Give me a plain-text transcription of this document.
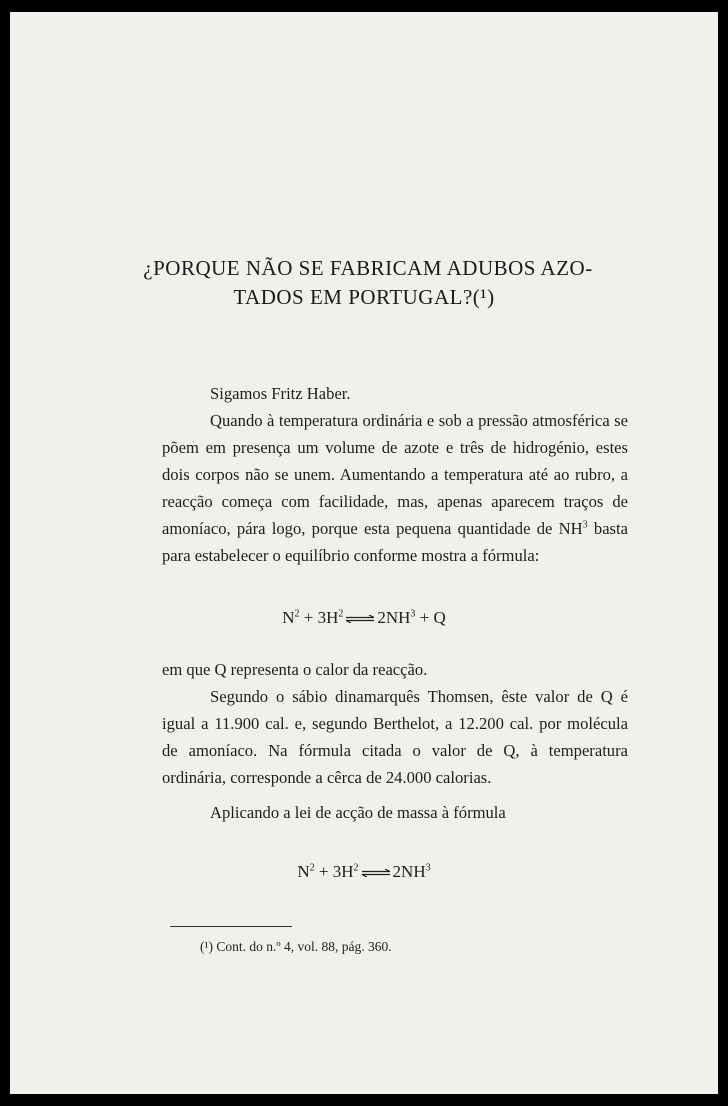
⠀⠀⠀⠀⠀⠀⠀⠀⠀⠀⠀⠀⠀⠀⠀⠀⠀⠀⠀⠀⠀⠀⠀⠀⠀⠀⠀⠀⠀⠀⠀⠀⠀⠀⠀⠀⠀⠀⠀⠀⠀⠀⠀⠀⠀⠀⠀⠀
¿PORQUE NÃO SE FABRICAM ADUBOS AZO-
TADOS EM PORTUGAL?(¹)

Sigamos Fritz Haber.

Quando à temperatura ordinária e sob a pressão atmosférica se põem em presença um volume de azote e três de hidrogénio, estes dois corpos não se unem. Aumentando a temperatura até ao rubro, a reacção começa com facilidade, mas, apenas aparecem traços de amoníaco, pára logo, porque esta pequena quantidade de $NH^3$ basta para estabelecer o equilíbrio conforme mostra a fórmula:

$N^2$ + $3H^2\rightleftharpoons 2NH^3 + Q$

em que Q representa o calor da reacção.

Segundo o sábio dinamarquês Thomsen, êste valor de Q é igual a 11.900 cal. e, segundo Berthelot, a 12.200 cal. por molécula de amoníaco. Na fórmula citada o valor de Q, à temperatura ordinária, corresponde a cêrca de 24.000 calorias.

Aplicando a lei de acção de massa à fórmula

$N^2$ + $3H^2\rightleftharpoons 2NH^3$
(¹) Cont. do n.º 4, vol. 88, pág. 360.
